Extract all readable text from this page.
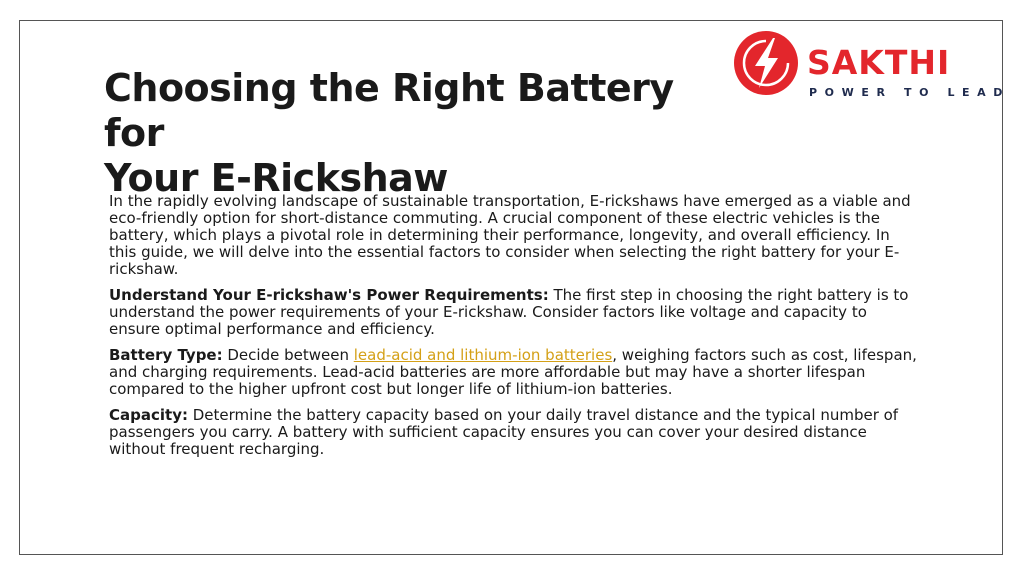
Choosing the Right Battery for
Your E-Rickshaw
SAKTHI
POWER TO LEAD

In the rapidly evolving landscape of sustainable transportation, E-rickshaws have emerged as a viable and eco-friendly option for short-distance commuting. A crucial component of these electric vehicles is the battery, which plays a pivotal role in determining their performance, longevity, and overall efficiency. In this guide, we will delve into the essential factors to consider when selecting the right battery for your E-rickshaw.

Understand Your E-rickshaw's Power Requirements: The first step in choosing the right battery is to understand the power requirements of your E-rickshaw. Consider factors like voltage and capacity to ensure optimal performance and efficiency.

Battery Type: Decide between lead-acid and lithium-ion batteries, weighing factors such as cost, lifespan, and charging requirements. Lead-acid batteries are more affordable but may have a shorter lifespan compared to the higher upfront cost but longer life of lithium-ion batteries.

Capacity: Determine the battery capacity based on your daily travel distance and the typical number of passengers you carry. A battery with sufficient capacity ensures you can cover your desired distance without frequent recharging.
